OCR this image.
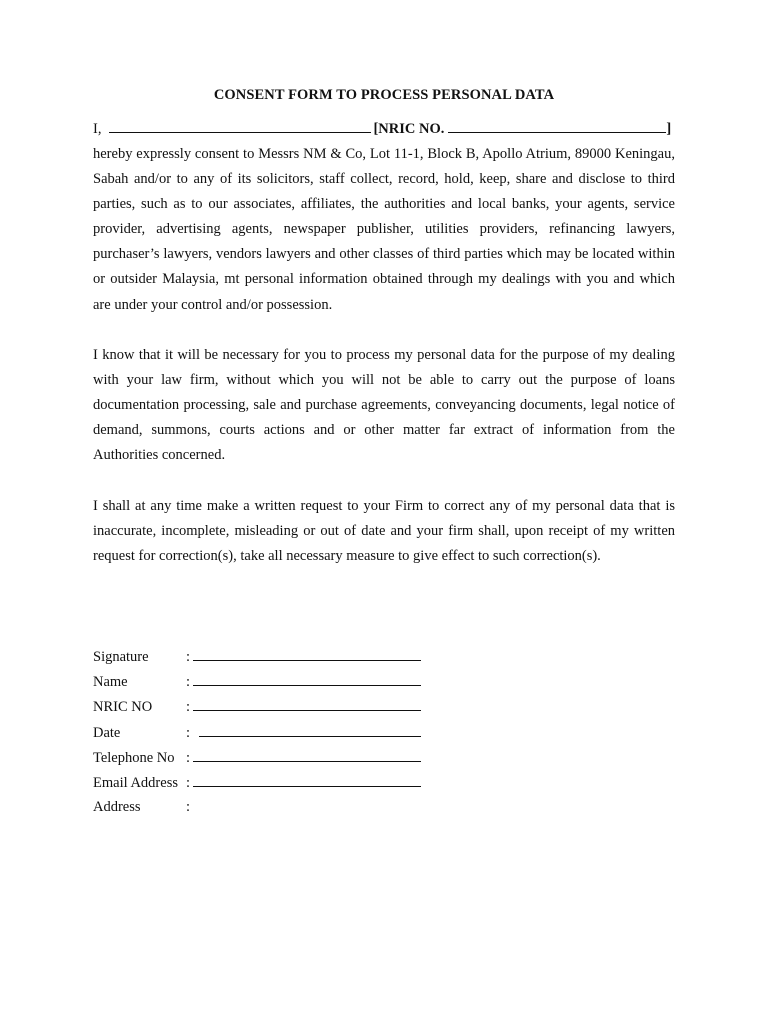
CONSENT FORM TO PROCESS PERSONAL DATA
I,	[NRIC NO.	]

hereby expressly consent to Messrs NM & Co, Lot 11-1, Block B, Apollo Atrium, 89000 Keningau, Sabah and/or to any of its solicitors, staff collect, record, hold, keep, share and disclose to third parties, such as to our associates, affiliates, the authorities and local banks, your agents, service provider, advertising agents, newspaper publisher, utilities providers, refinancing lawyers, purchaser’s lawyers, vendors lawyers and other classes of third parties which may be located within or outsider Malaysia, mt personal information obtained through my dealings with you and which are under your control and/or possession.

I know that it will be necessary for you to process my personal data for the purpose of my dealing with your law firm, without which you will not be able to carry out the purpose of loans documentation processing, sale and purchase agreements, conveyancing documents, legal notice of demand, summons, courts actions and or other matter far extract of information from the Authorities concerned.

I shall at any time make a written request to your Firm to correct any of my personal data that is inaccurate, incomplete, misleading or out of date and your firm shall, upon receipt of my written request for correction(s), take all necessary measure to give effect to such correction(s).

Signature	:
Name	:
NRIC NO	:
Date	:
Telephone No :
Email Address :
Address	:
